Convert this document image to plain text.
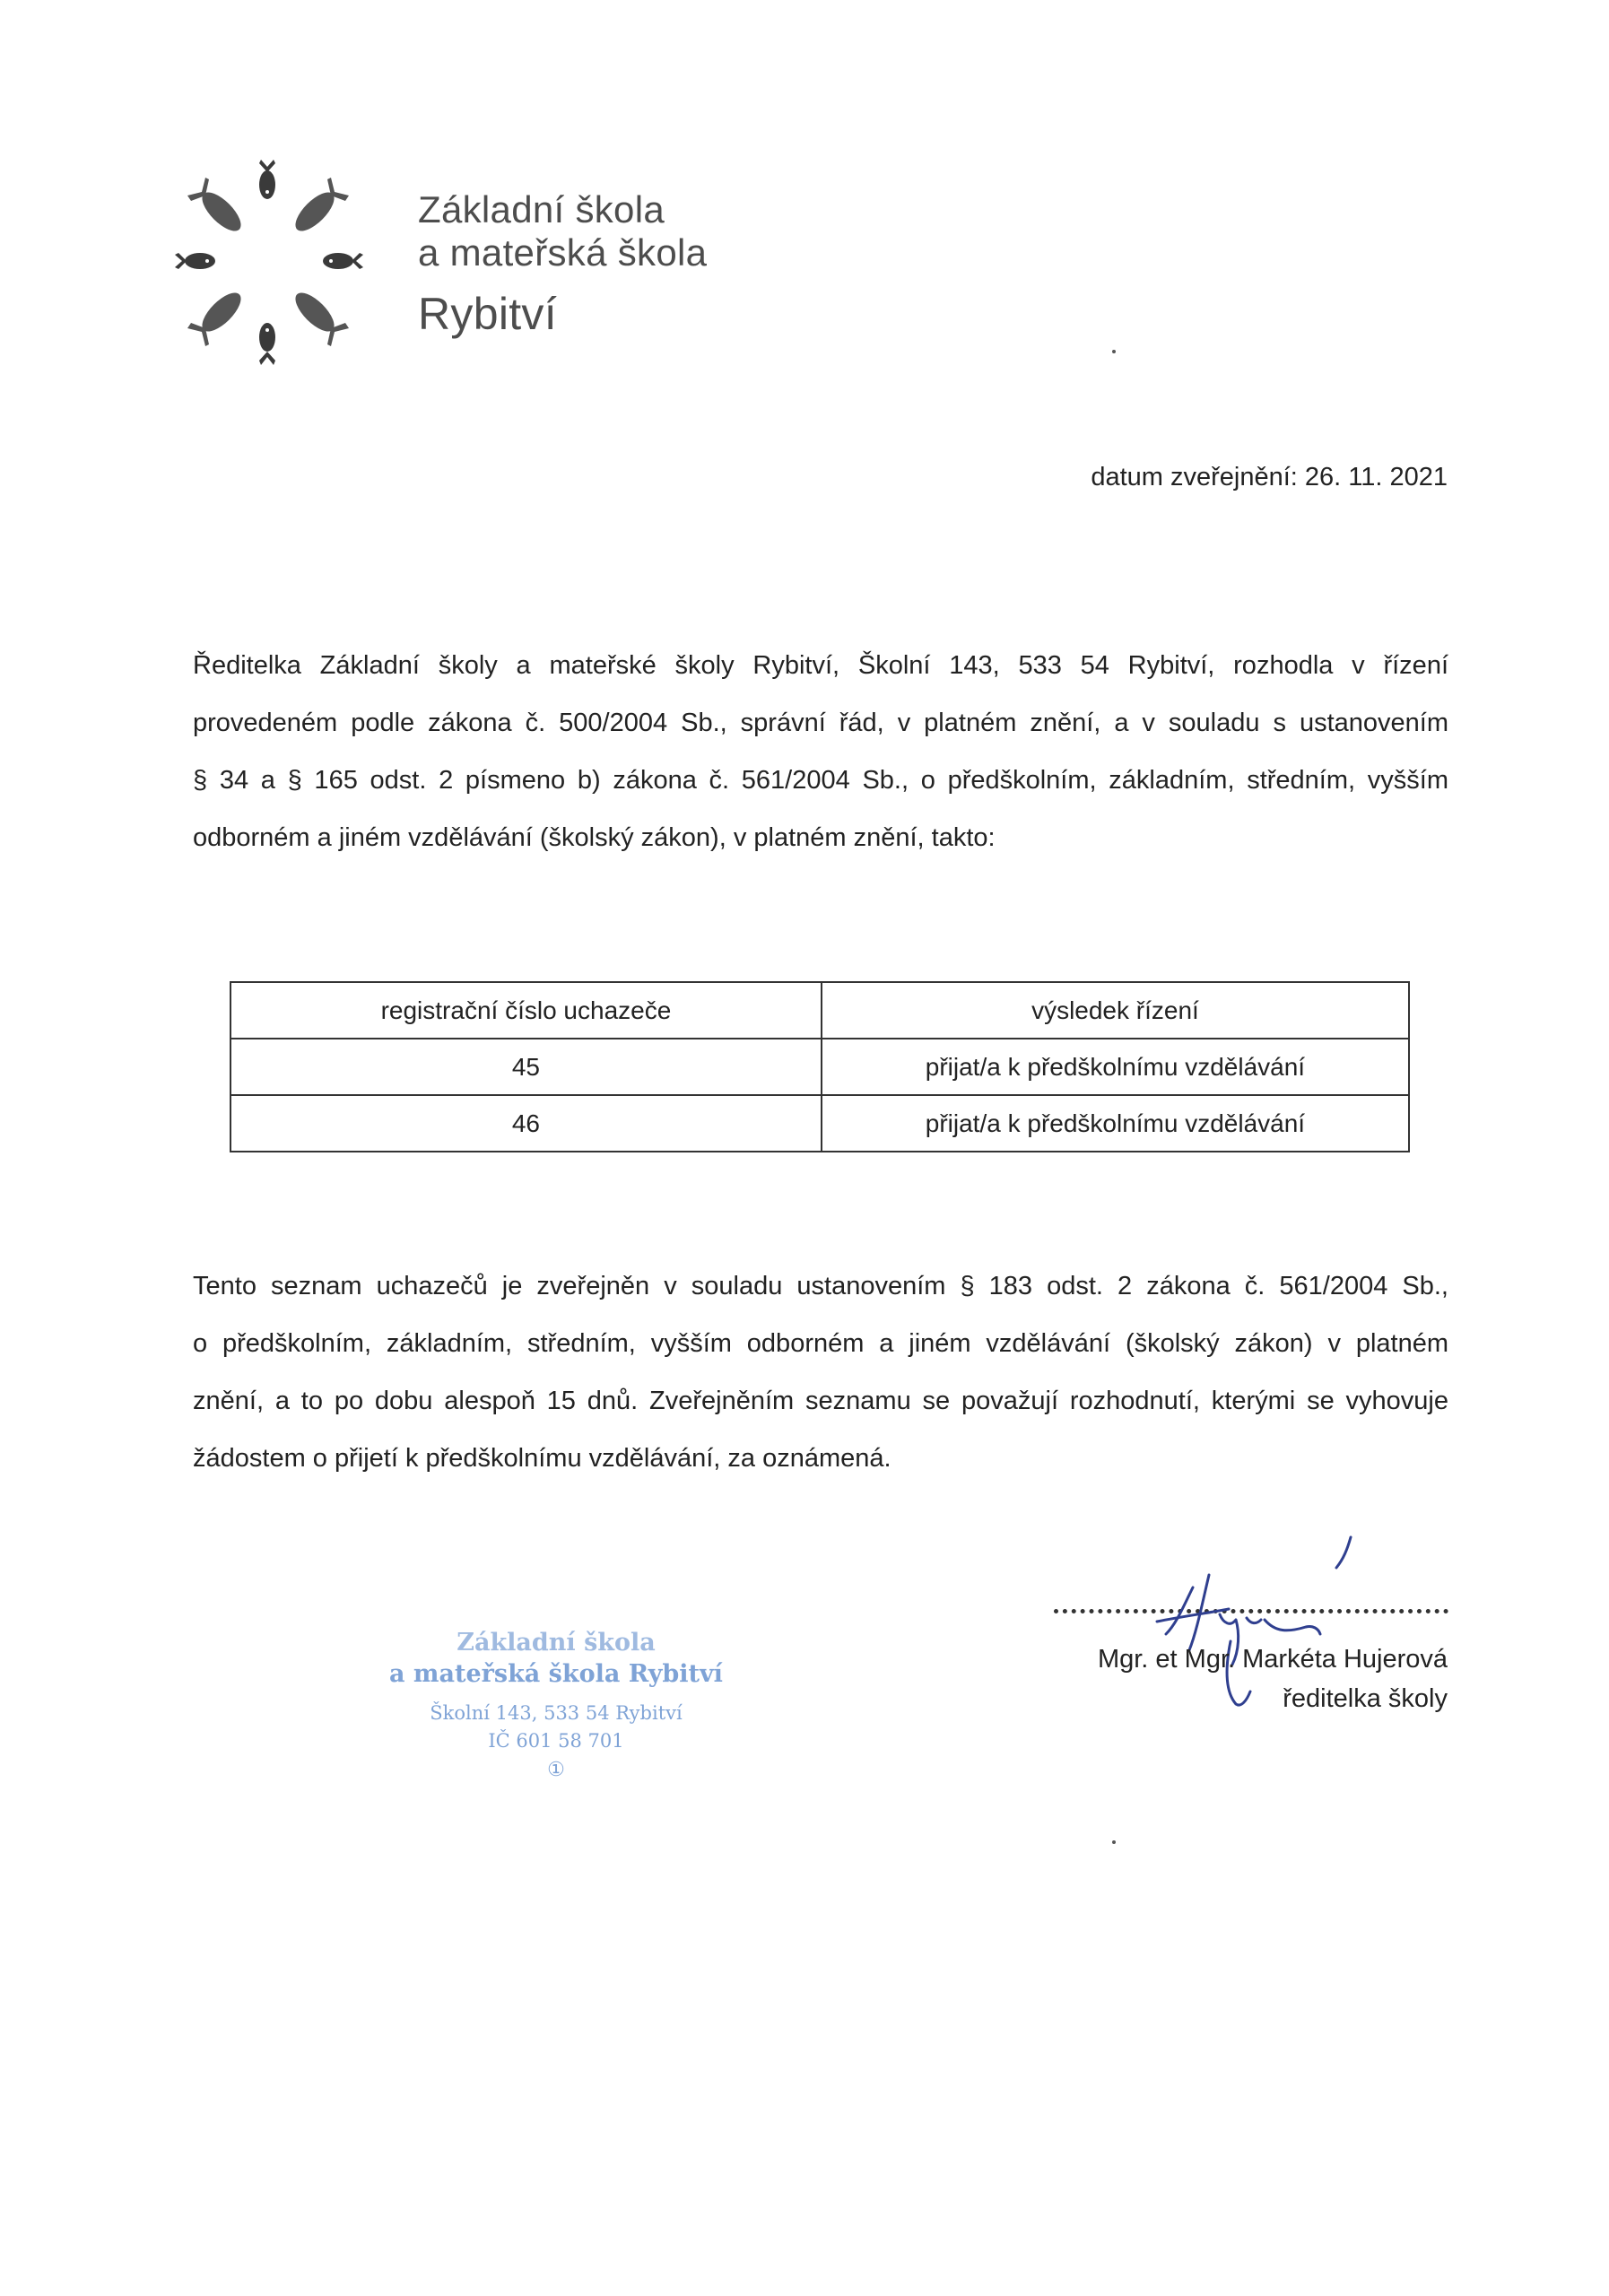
Základní škola
a mateřská škola
Rybitví
datum zveřejnění: 26. 11. 2021
Ředitelka Základní školy a mateřské školy Rybitví, Školní 143, 533 54 Rybitví, rozhodla v řízení
provedeném podle zákona č. 500/2004 Sb., správní řád, v platném znění, a v souladu s ustanovením
§ 34 a § 165 odst. 2 písmeno b) zákona č. 561/2004 Sb., o předškolním, základním, středním, vyšším
odborném a jiném vzdělávání (školský zákon), v platném znění, takto:
registrační číslo uchazeče	výsledek řízení
45	přijat/a k předškolnímu vzdělávání
46	přijat/a k předškolnímu vzdělávání
Tento seznam uchazečů je zveřejněn v souladu ustanovením § 183 odst. 2 zákona č. 561/2004 Sb.,
o předškolním, základním, středním, vyšším odborném a jiném vzdělávání (školský zákon) v platném
znění, a to po dobu alespoň 15 dnů. Zveřejněním seznamu se považují rozhodnutí, kterými se vyhovuje
žádostem o přijetí k předškolnímu vzdělávání, za oznámená.
Základní škola
a mateřská škola Rybitví
Školní 143, 533 54 Rybitví
IČ 601 58 701
①
Mgr. et Mgr. Markéta Hujerová
ředitelka školy
